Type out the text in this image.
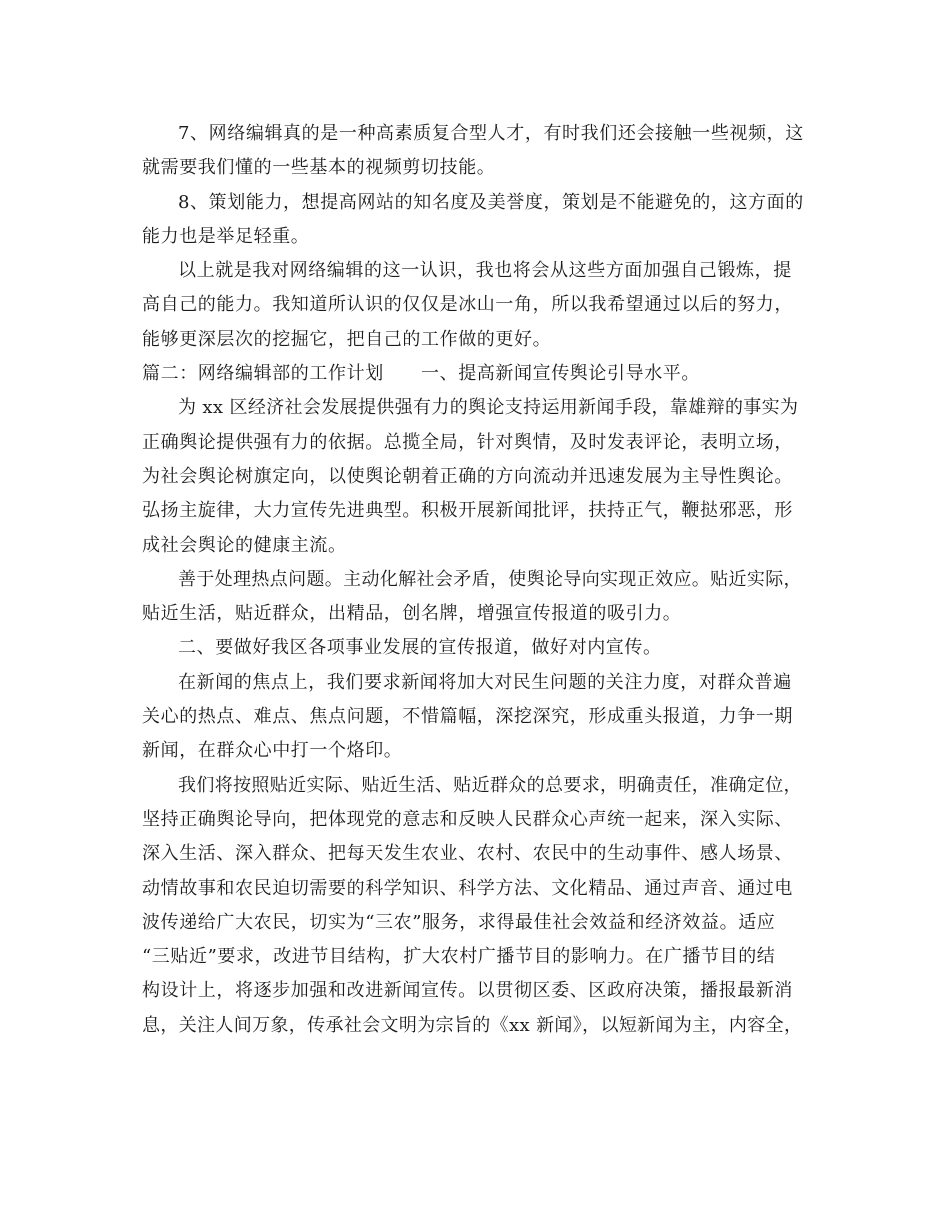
7、网络编辑真的是一种高素质复合型人才，有时我们还会接触一些视频，这

就需要我们懂的一些基本的视频剪切技能。

8、策划能力，想提高网站的知名度及美誉度，策划是不能避免的，这方面的

能力也是举足轻重。

以上就是我对网络编辑的这一认识，我也将会从这些方面加强自己锻炼，提

高自己的能力。我知道所认识的仅仅是冰山一角，所以我希望通过以后的努力，

能够更深层次的挖掘它，把自己的工作做的更好。

篇二：网络编辑部的工作计划　　一、提高新闻宣传舆论引导水平。

为 xx 区经济社会发展提供强有力的舆论支持运用新闻手段，靠雄辩的事实为

正确舆论提供强有力的依据。总揽全局，针对舆情，及时发表评论，表明立场，

为社会舆论树旗定向，以使舆论朝着正确的方向流动并迅速发展为主导性舆论。

弘扬主旋律，大力宣传先进典型。积极开展新闻批评，扶持正气，鞭挞邪恶，形

成社会舆论的健康主流。

善于处理热点问题。主动化解社会矛盾，使舆论导向实现正效应。贴近实际，

贴近生活，贴近群众，出精品，创名牌，增强宣传报道的吸引力。

二、要做好我区各项事业发展的宣传报道，做好对内宣传。

在新闻的焦点上，我们要求新闻将加大对民生问题的关注力度，对群众普遍

关心的热点、难点、焦点问题，不惜篇幅，深挖深究，形成重头报道，力争一期

新闻，在群众心中打一个烙印。

我们将按照贴近实际、贴近生活、贴近群众的总要求，明确责任，准确定位，

坚持正确舆论导向，把体现党的意志和反映人民群众心声统一起来，深入实际、

深入生活、深入群众、把每天发生农业、农村、农民中的生动事件、感人场景、

动情故事和农民迫切需要的科学知识、科学方法、文化精品、通过声音、通过电

波传递给广大农民，切实为“三农”服务，求得最佳社会效益和经济效益。适应

“三贴近”要求，改进节目结构，扩大农村广播节目的影响力。在广播节目的结

构设计上，将逐步加强和改进新闻宣传。以贯彻区委、区政府决策，播报最新消

息，关注人间万象，传承社会文明为宗旨的《xx 新闻》，以短新闻为主，内容全，
